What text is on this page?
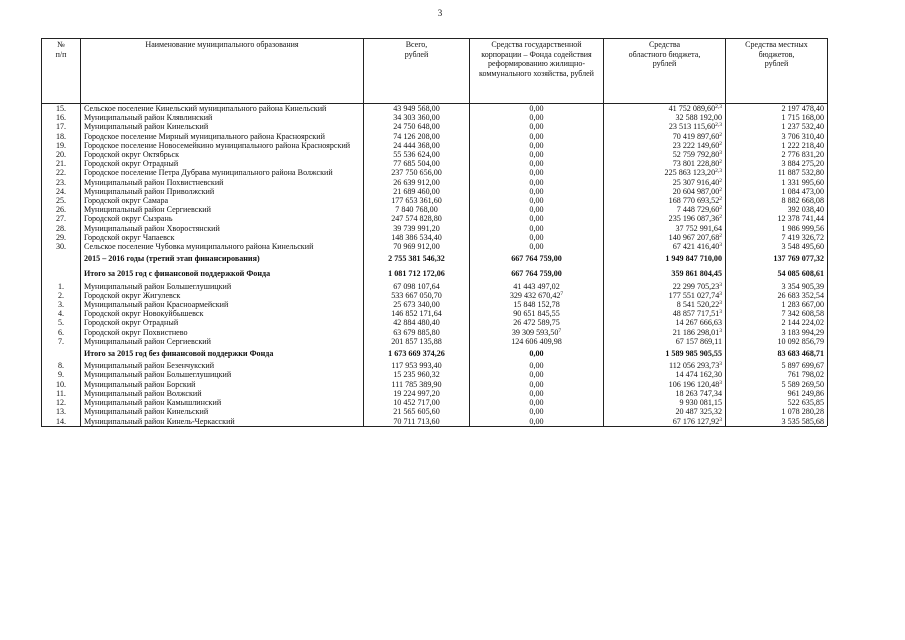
3
№
п/п	Наименование муниципального образования	Всего,
рублей	Средства государственной корпорации – Фонда содействия реформированию жилищно-коммунального хозяйства, рублей	Средства
областного бюджета,
рублей	Средства местных
бюджетов,
рублей
15.	Сельское поселение Кинельский муниципального района Кинельский	43 949 568,00	0,00	41 752 089,60$^{2,3}$	2 197 478,40
16.	Муниципальный район Клявлинский	34 303 360,00	0,00	32 588 192,00	1 715 168,00
17.	Муниципальный район Кинельский	24 750 648,00	0,00	23 513 115,60$^{2,3}$	1 237 532,40
18.	Городское поселение Мирный муниципального района Красноярский	74 126 208,00	0,00	70 419 897,60$^2$	3 706 310,40
19.	Городское поселение Новосемейкино муниципального района Красноярский	24 444 368,00	0,00	23 222 149,60$^2$	1 222 218,40
20.	Городской округ Октябрьск	55 536 624,00	0,00	52 759 792,80$^3$	2 776 831,20
21.	Городской округ Отрадный	77 685 504,00	0,00	73 801 228,80$^2$	3 884 275,20
22.	Городское поселение Петра Дубрава муниципального района Волжский	237 750 656,00	0,00	225 863 123,20$^{2,3}$	11 887 532,80
23.	Муниципальный район Похвистневский	26 639 912,00	0,00	25 307 916,40$^2$	1 331 995,60
24.	Муниципальный район Приволжский	21 689 460,00	0,00	20 604 987,00$^2$	1 084 473,00
25.	Городской округ Самара	177 653 361,60	0,00	168 770 693,52$^2$	8 882 668,08
26.	Муниципальный район Сергиевский	7 840 768,00	0,00	7 448 729,60$^2$	392 038,40
27.	Городской округ Сызрань	247 574 828,80	0,00	235 196 087,36$^2$	12 378 741,44
28.	Муниципальный район Хворостянский	39 739 991,20	0,00	37 752 991,64	1 986 999,56
29.	Городской округ Чапаевск	148 386 534,40	0,00	140 967 207,68$^2$	7 419 326,72
30.	Сельское поселение Чубовка муниципального района Кинельский	70 969 912,00	0,00	67 421 416,40$^3$	3 548 495,60
	2015 – 2016 годы (третий этап финансирования)	2 755 381 546,32	667 764 759,00	1 949 847 710,00	137 769 077,32
	Итого за 2015 год с финансовой поддержкой Фонда	1 081 712 172,06	667 764 759,00	359 861 804,45	54 085 608,61
1.	Муниципальный район Большеглушицкий	67 098 107,64	41 443 497,02	22 299 705,23$^3$	3 354 905,39
2.	Городской округ Жигулевск	533 667 050,70	329 432 670,42$^7$	177 551 027,74$^3$	26 683 352,54
3.	Муниципальный район Красноармейский	25 673 340,00	15 848 152,78	8 541 520,22$^3$	1 283 667,00
4.	Городской округ Новокуйбышевск	146 852 171,64	90 651 845,55	48 857 717,51$^3$	7 342 608,58
5.	Городской округ Отрадный	42 884 480,40	26 472 589,75	14 267 666,63	2 144 224,02
6.	Городской округ Похвистнево	63 679 885,80	39 309 593,50$^7$	21 186 298,01$^3$	3 183 994,29
7.	Муниципальный район Сергиевский	201 857 135,88	124 606 409,98	67 157 869,11	10 092 856,79
	Итого за 2015 год без финансовой поддержки Фонда	1 673 669 374,26	0,00	1 589 985 905,55	83 683 468,71
8.	Муниципальный район Безенчукский	117 953 993,40	0,00	112 056 293,73$^3$	5 897 699,67
9.	Муниципальный район Большеглушицкий	15 235 960,32	0,00	14 474 162,30	761 798,02
10.	Муниципальный район Борский	111 785 389,90	0,00	106 196 120,48$^3$	5 589 269,50
11.	Муниципальный район Волжский	19 224 997,20	0,00	18 263 747,34	961 249,86
12.	Муниципальный район Камышлинский	10 452 717,00	0,00	9 930 081,15	522 635,85
13.	Муниципальный район Кинельский	21 565 605,60	0,00	20 487 325,32	1 078 280,28
14.	Муниципальный район Кинель-Черкасский	70 711 713,60	0,00	67 176 127,92$^3$	3 535 585,68
